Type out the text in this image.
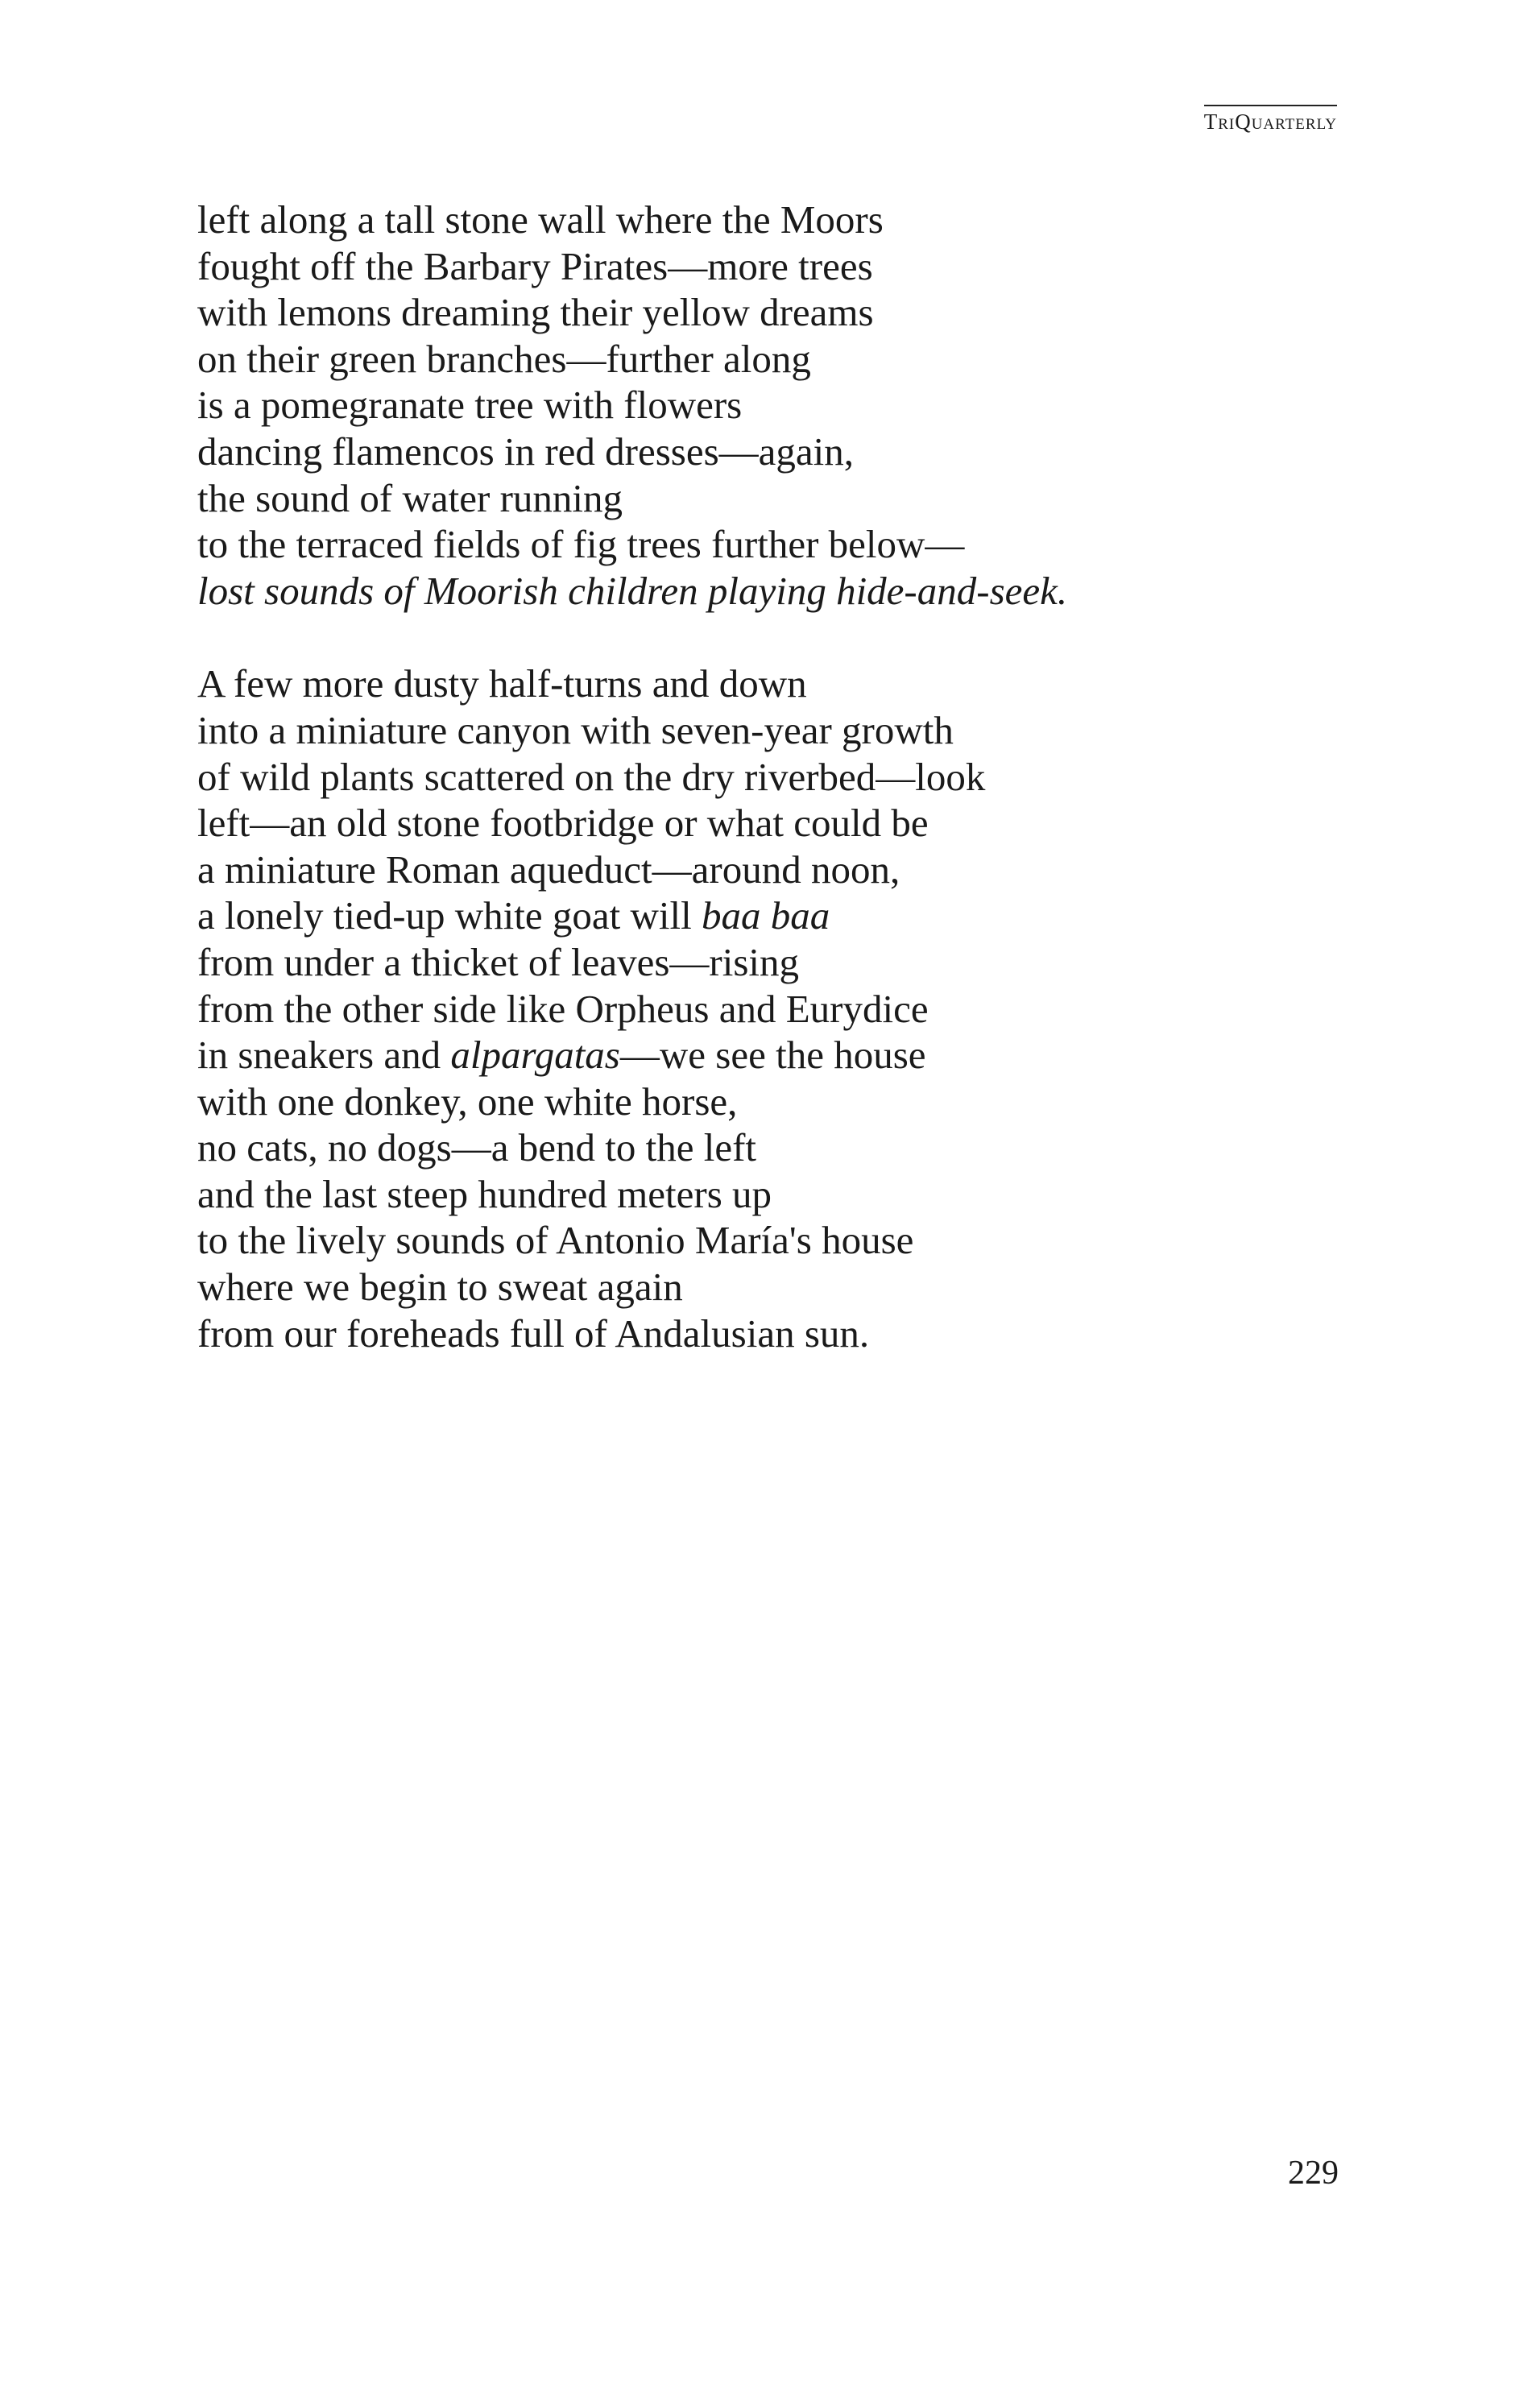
TriQuarterly
left along a tall stone wall where the Moors
fought off the Barbary Pirates—more trees
with lemons dreaming their yellow dreams
on their green branches—further along
is a pomegranate tree with flowers
dancing flamencos in red dresses—again,
the sound of water running
to the terraced fields of fig trees further below—
lost sounds of Moorish children playing hide-and-seek.
A few more dusty half-turns and down
into a miniature canyon with seven-year growth
of wild plants scattered on the dry riverbed—look
left—an old stone footbridge or what could be
a miniature Roman aqueduct—around noon,
a lonely tied-up white goat will baa baa
from under a thicket of leaves—rising
from the other side like Orpheus and Eurydice
in sneakers and alpargatas—we see the house
with one donkey, one white horse,
no cats, no dogs—a bend to the left
and the last steep hundred meters up
to the lively sounds of Antonio María's house
where we begin to sweat again
from our foreheads full of Andalusian sun.
229
